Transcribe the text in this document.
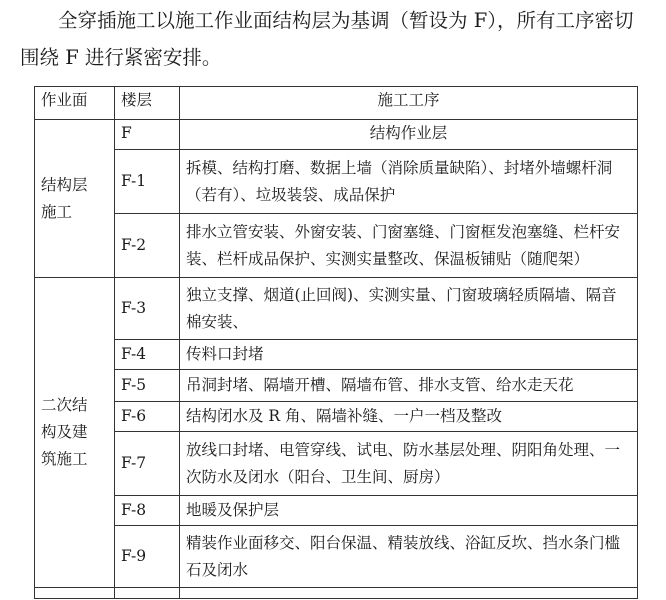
全穿插施工以施工作业面结构层为基调（暂设为 F），所有工序密切
围绕 F 进行紧密安排。
作业面	楼层	施工工序

结构层施工	F	结构作业层
	F-1	拆模、结构打磨、数据上墙（消除质量缺陷）、封堵外墙螺杆洞（若有）、垃圾装袋、成品保护
	F-2	排水立管安装、外窗安装、门窗塞缝、门窗框发泡塞缝、栏杆安装、栏杆成品保护、实测实量整改、保温板铺贴（随爬架）

二次结构及建筑施工	F-3	独立支撑、烟道(止回阀)、实测实量、门窗玻璃轻质隔墙、隔音棉安装、
	F-4	传料口封堵
	F-5	吊洞封堵、隔墙开槽、隔墙布管、排水支管、给水走天花
	F-6	结构闭水及 R 角、隔墙补缝、一户一档及整改
	F-7	放线口封堵、电管穿线、试电、防水基层处理、阴阳角处理、一次防水及闭水（阳台、卫生间、厨房）
	F-8	地暖及保护层
	F-9	精装作业面移交、阳台保温、精装放线、浴缸反坎、挡水条门槛石及闭水
